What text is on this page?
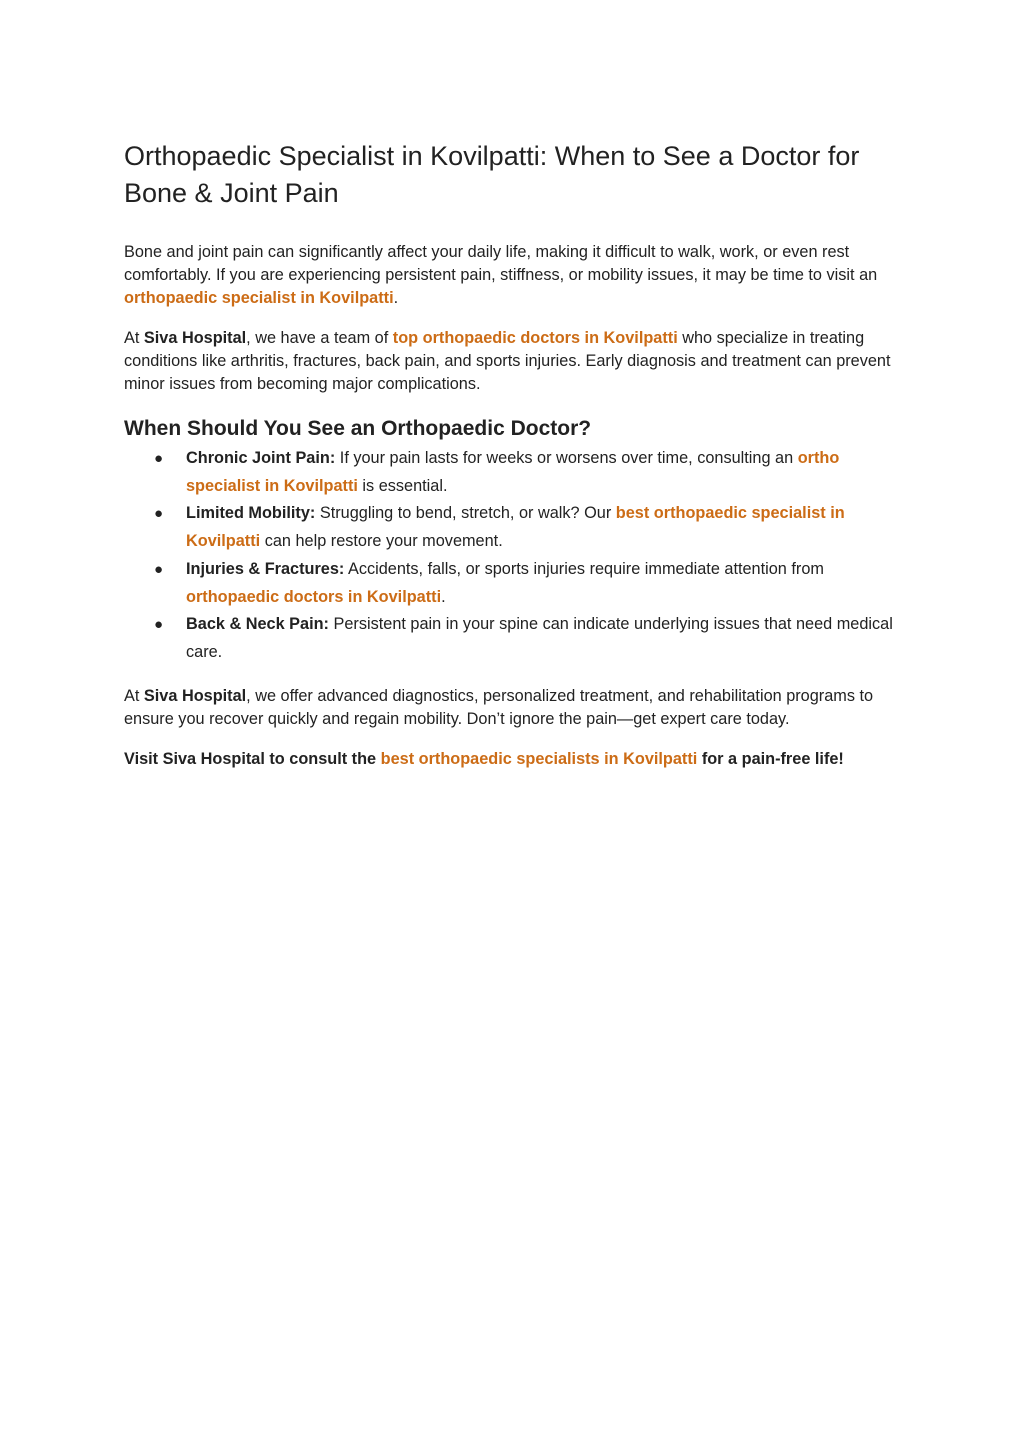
Orthopaedic Specialist in Kovilpatti: When to See a Doctor for Bone & Joint Pain

Bone and joint pain can significantly affect your daily life, making it difficult to walk, work, or even rest comfortably. If you are experiencing persistent pain, stiffness, or mobility issues, it may be time to visit an orthopaedic specialist in Kovilpatti.

At Siva Hospital, we have a team of top orthopaedic doctors in Kovilpatti who specialize in treating conditions like arthritis, fractures, back pain, and sports injuries. Early diagnosis and treatment can prevent minor issues from becoming major complications.

When Should You See an Orthopaedic Doctor?
● Chronic Joint Pain: If your pain lasts for weeks or worsens over time, consulting an ortho specialist in Kovilpatti is essential.
● Limited Mobility: Struggling to bend, stretch, or walk? Our best orthopaedic specialist in Kovilpatti can help restore your movement.
● Injuries & Fractures: Accidents, falls, or sports injuries require immediate attention from orthopaedic doctors in Kovilpatti.
● Back & Neck Pain: Persistent pain in your spine can indicate underlying issues that need medical care.

At Siva Hospital, we offer advanced diagnostics, personalized treatment, and rehabilitation programs to ensure you recover quickly and regain mobility. Don’t ignore the pain—get expert care today.

Visit Siva Hospital to consult the best orthopaedic specialists in Kovilpatti for a pain-free life!
